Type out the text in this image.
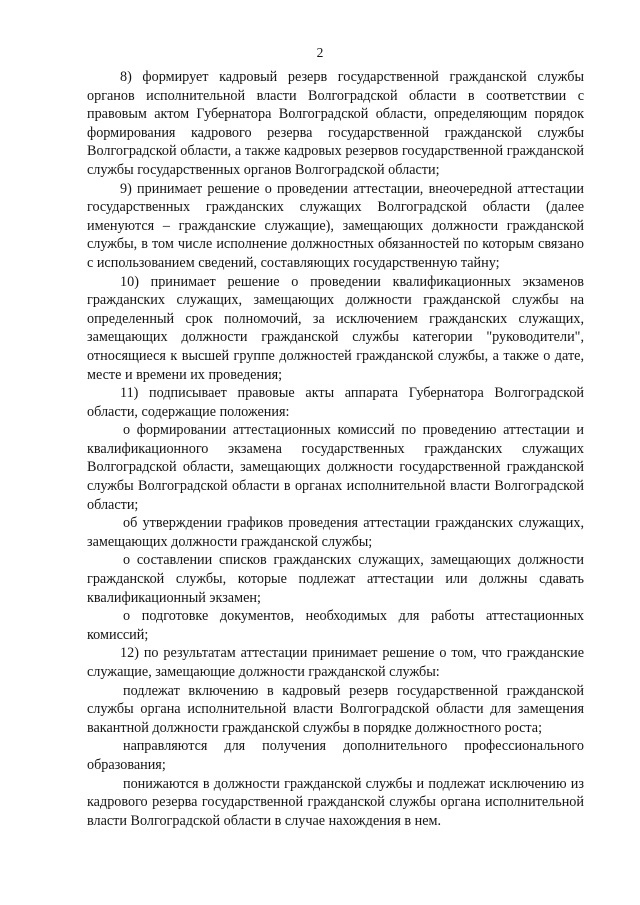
2

8) формирует кадровый резерв государственной гражданской службы органов исполнительной власти Волгоградской области в соответствии с правовым актом Губернатора Волгоградской области, определяющим порядок формирования кадрового резерва государственной гражданской службы Волгоградской области, а также кадровых резервов государственной гражданской службы государственных органов Волгоградской области;

9) принимает решение о проведении аттестации, внеочередной аттестации государственных гражданских служащих Волгоградской области (далее именуются – гражданские служащие), замещающих должности гражданской службы, в том числе исполнение должностных обязанностей по которым связано с использованием сведений, составляющих государственную тайну;

10) принимает решение о проведении квалификационных экзаменов гражданских служащих, замещающих должности гражданской службы на определенный срок полномочий, за исключением гражданских служащих, замещающих должности гражданской службы категории "руководители", относящиеся к высшей группе должностей гражданской службы, а также о дате, месте и времени их проведения;

11) подписывает правовые акты аппарата Губернатора Волгоградской области, содержащие положения:

о формировании аттестационных комиссий по проведению аттестации и квалификационного экзамена государственных гражданских служащих Волгоградской области, замещающих должности государственной гражданской службы Волгоградской области в органах исполнительной власти Волгоградской области;

об утверждении графиков проведения аттестации гражданских служащих, замещающих должности гражданской службы;

о составлении списков гражданских служащих, замещающих должности гражданской службы, которые подлежат аттестации или должны сдавать квалификационный экзамен;

о подготовке документов, необходимых для работы аттестационных комиссий;

12) по результатам аттестации принимает решение о том, что гражданские служащие, замещающие должности гражданской службы:

подлежат включению в кадровый резерв государственной гражданской службы органа исполнительной власти Волгоградской области для замещения вакантной должности гражданской службы в порядке должностного роста;

направляются для получения дополнительного профессионального образования;

понижаются в должности гражданской службы и подлежат исключению из кадрового резерва государственной гражданской службы органа исполнительной власти Волгоградской области в случае нахождения в нем.
